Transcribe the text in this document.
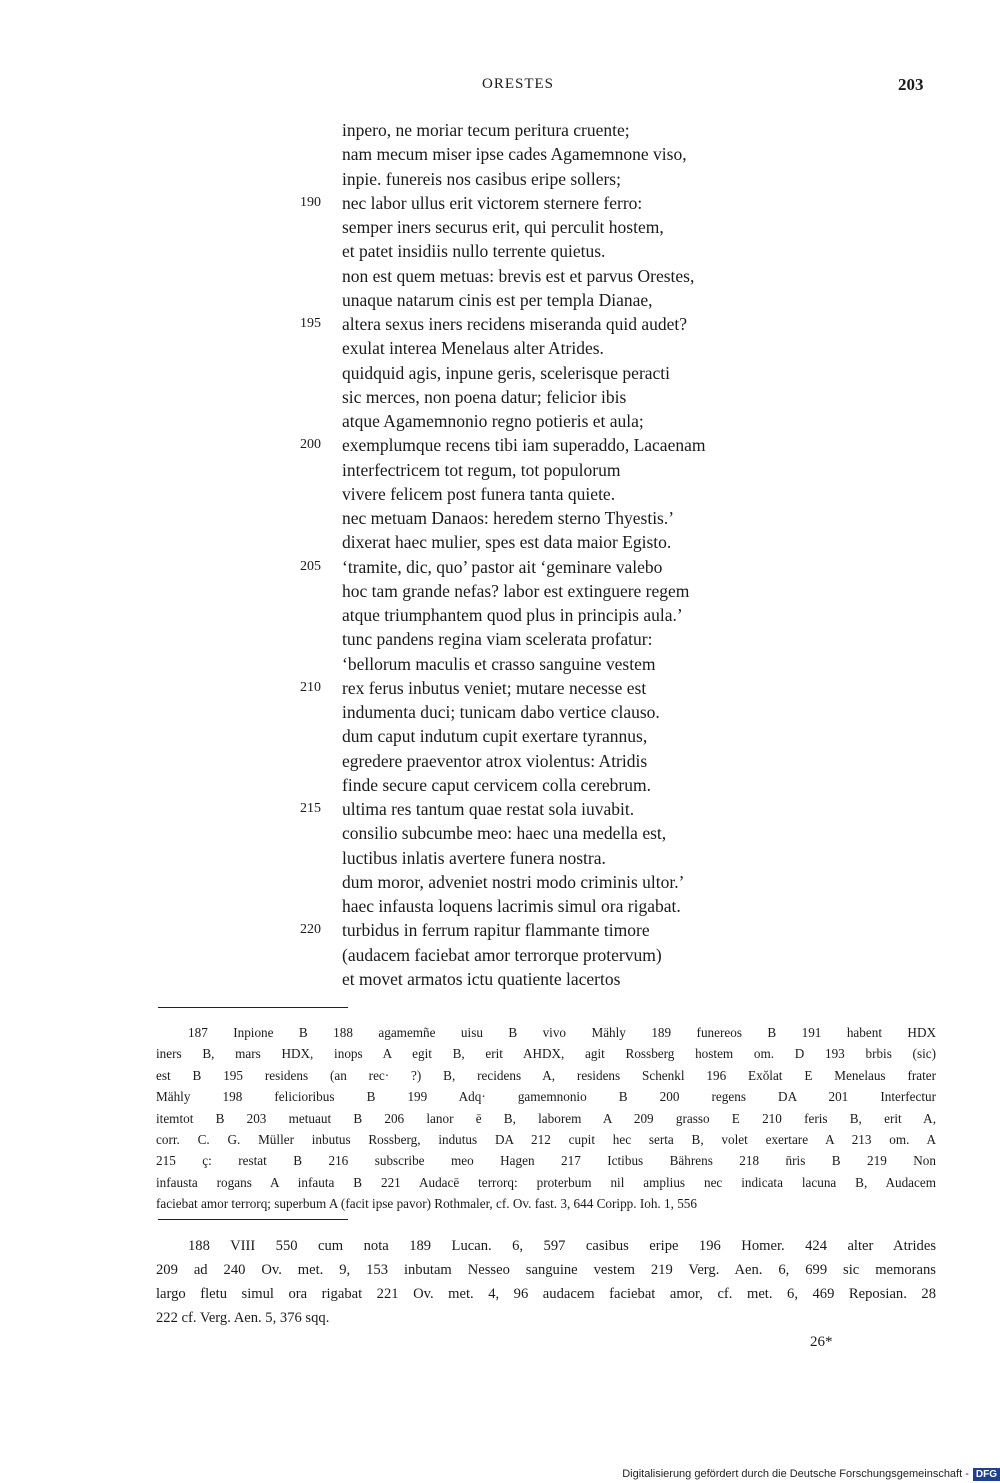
ORESTES	203
inpero, ne moriar tecum peritura cruente;
nam mecum miser ipse cades Agamemnone viso,
inpie. funereis nos casibus eripe sollers;
190	nec labor ullus erit victorem sternere ferro:
semper iners securus erit, qui perculit hostem,
et patet insidiis nullo terrente quietus.
non est quem metuas: brevis est et parvus Orestes,
unaque natarum cinis est per templa Dianae,
195	altera sexus iners recidens miseranda quid audet?
exulat interea Menelaus alter Atrides.
quidquid agis, inpune geris, scelerisque peracti
sic merces, non poena datur; felicior ibis
atque Agamemnonio regno potieris et aula;
200	exemplumque recens tibi iam superaddo, Lacaenam
interfectricem tot regum, tot populorum
vivere felicem post funera tanta quiete.
nec metuam Danaos: heredem sterno Thyestis.’
dixerat haec mulier, spes est data maior Egisto.
205	‘tramite, dic, quo’ pastor ait ‘geminare valebo
hoc tam grande nefas? labor est extinguere regem
atque triumphantem quod plus in principis aula.’
tunc pandens regina viam scelerata profatur:
‘bellorum maculis et crasso sanguine vestem
210	rex ferus inbutus veniet; mutare necesse est
indumenta duci; tunicam dabo vertice clauso.
dum caput indutum cupit exertare tyrannus,
egredere praeventor atrox violentus: Atridis
finde secure caput cervicem colla cerebrum.
215	ultima res tantum quae restat sola iuvabit.
consilio subcumbe meo: haec una medella est,
luctibus inlatis avertere funera nostra.
dum moror, adveniet nostri modo criminis ultor.’
haec infausta loquens lacrimis simul ora rigabat.
220	turbidus in ferrum rapitur flammante timore
(audacem faciebat amor terrorque protervum)
et movet armatos ictu quatiente lacertos
187 Inpione B 188 agamemñe uisu B vivo Mähly 189 funereos B 191 habent HDX
iners B, mars HDX, inops A egit B, erit AHDX, agit Rossberg hostem om. D 193 brbis (sic)
est B 195 residens (an rec· ?) B, recidens A, residens Schenkl 196 Exŏlat E Menelaus frater
Mähly 198 felicioribus B 199 Adq· gamemnonio B 200 regens DA 201 Interfectur
itemtot B 203 metuaut B 206 lanor ē B, laborem A 209 grasso E 210 feris B, erit A,
corr. C. G. Müller inbutus Rossberg, indutus DA 212 cupit hec serta B, volet exertare A 213 om. A
215 ç: restat B 216 subscribe meo Hagen 217 Ictibus Bährens 218 n̄ris B 219 Non
infausta rogans A infauta B 221 Audacē terrorq: proterbum nil amplius nec indicata lacuna B, Audacem
faciebat amor terrorq; superbum A (facit ipse pavor) Rothmaler, cf. Ov. fast. 3, 644 Coripp. Ioh. 1, 556
188 VIII 550 cum nota 189 Lucan. 6, 597 casibus eripe 196 Homer. 424 alter Atrides
209 ad 240 Ov. met. 9, 153 inbutam Nesseo sanguine vestem 219 Verg. Aen. 6, 699 sic memorans
largo fletu simul ora rigabat 221 Ov. met. 4, 96 audacem faciebat amor, cf. met. 6, 469 Reposian. 28
222 cf. Verg. Aen. 5, 376 sqq.
26*
Digitalisierung gefördert durch die Deutsche Forschungsgemeinschaft - DFG
